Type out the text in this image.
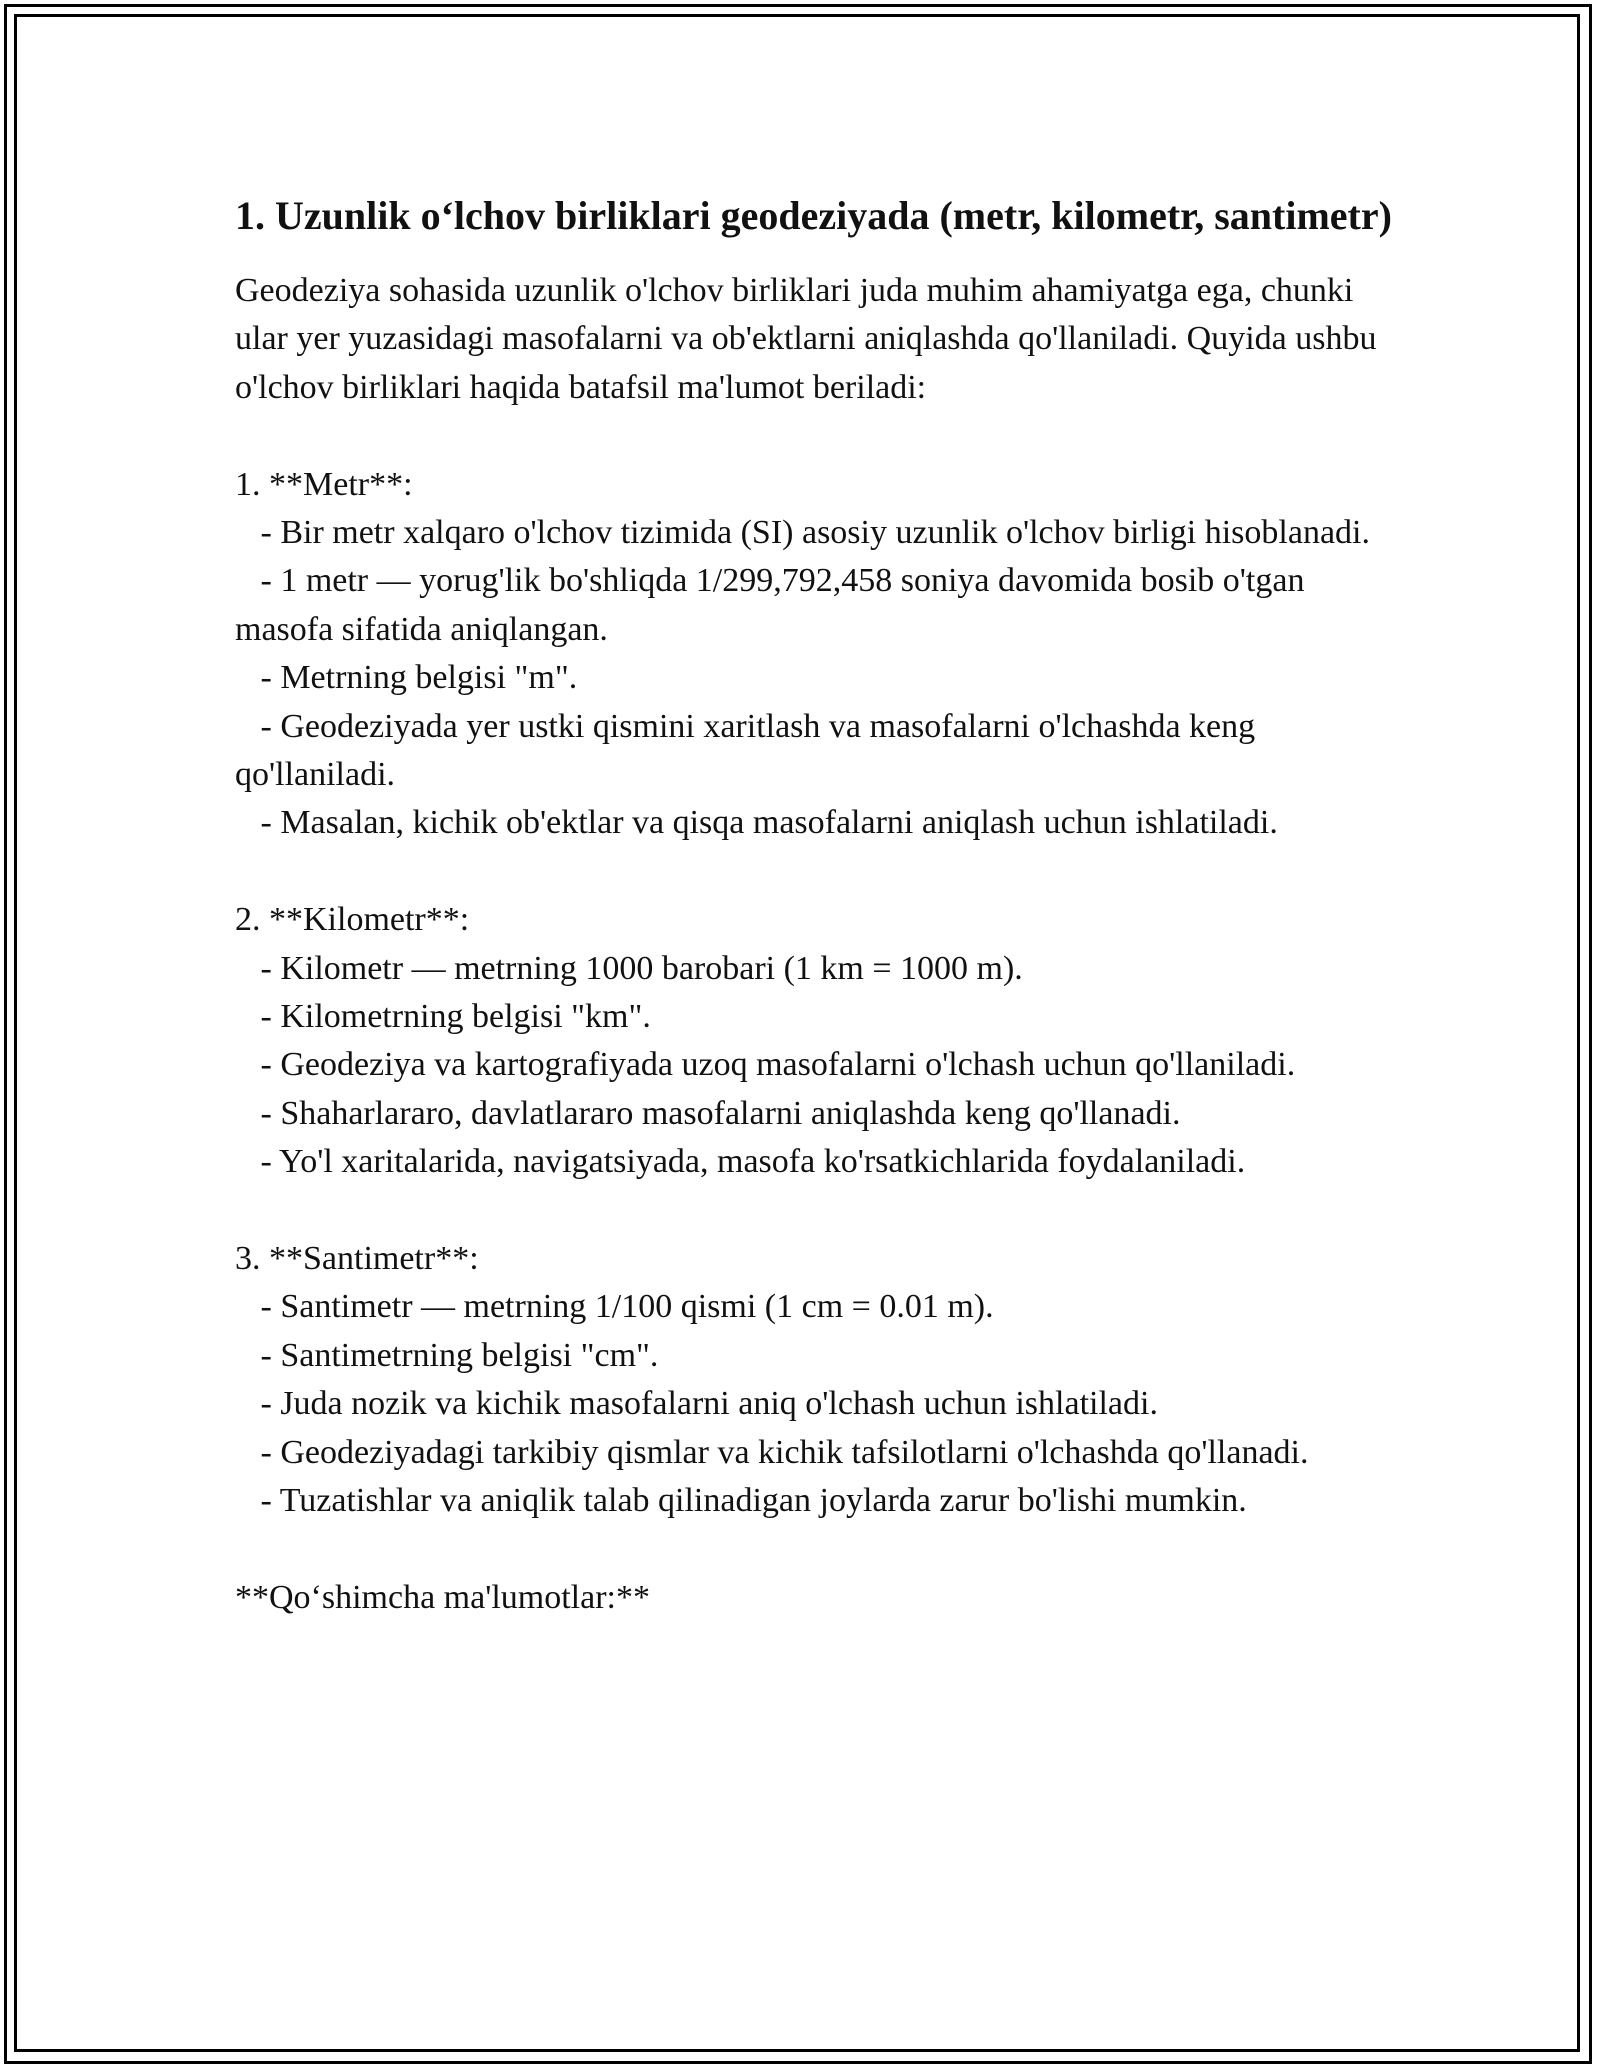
1. Uzunlik o‘lchov birliklari geodeziyada (metr, kilometr, santimetr)

Geodeziya sohasida uzunlik o'lchov birliklari juda muhim ahamiyatga ega, chunki ular yer yuzasidagi masofalarni va ob'ektlarni aniqlashda qo'llaniladi. Quyida ushbu o'lchov birliklari haqida batafsil ma'lumot beriladi:

1. **Metr**:

- Bir metr xalqaro o'lchov tizimida (SI) asosiy uzunlik o'lchov birligi hisoblanadi.
- 1 metr — yorug'lik bo'shliqda 1/299,792,458 soniya davomida bosib o'tgan masofa sifatida aniqlangan.
- Metrning belgisi "m".
- Geodeziyada yer ustki qismini xaritlash va masofalarni o'lchashda keng qo'llaniladi.
- Masalan, kichik ob'ektlar va qisqa masofalarni aniqlash uchun ishlatiladi.

2. **Kilometr**:

- Kilometr — metrning 1000 barobari (1 km = 1000 m).
- Kilometrning belgisi "km".
- Geodeziya va kartografiyada uzoq masofalarni o'lchash uchun qo'llaniladi.
- Shaharlararo, davlatlararo masofalarni aniqlashda keng qo'llanadi.
- Yo'l xaritalarida, navigatsiyada, masofa ko'rsatkichlarida foydalaniladi.

3. **Santimetr**:

- Santimetr — metrning 1/100 qismi (1 cm = 0.01 m).
- Santimetrning belgisi "cm".
- Juda nozik va kichik masofalarni aniq o'lchash uchun ishlatiladi.
- Geodeziyadagi tarkibiy qismlar va kichik tafsilotlarni o'lchashda qo'llanadi.
- Tuzatishlar va aniqlik talab qilinadigan joylarda zarur bo'lishi mumkin.

**Qo‘shimcha ma'lumotlar:**
